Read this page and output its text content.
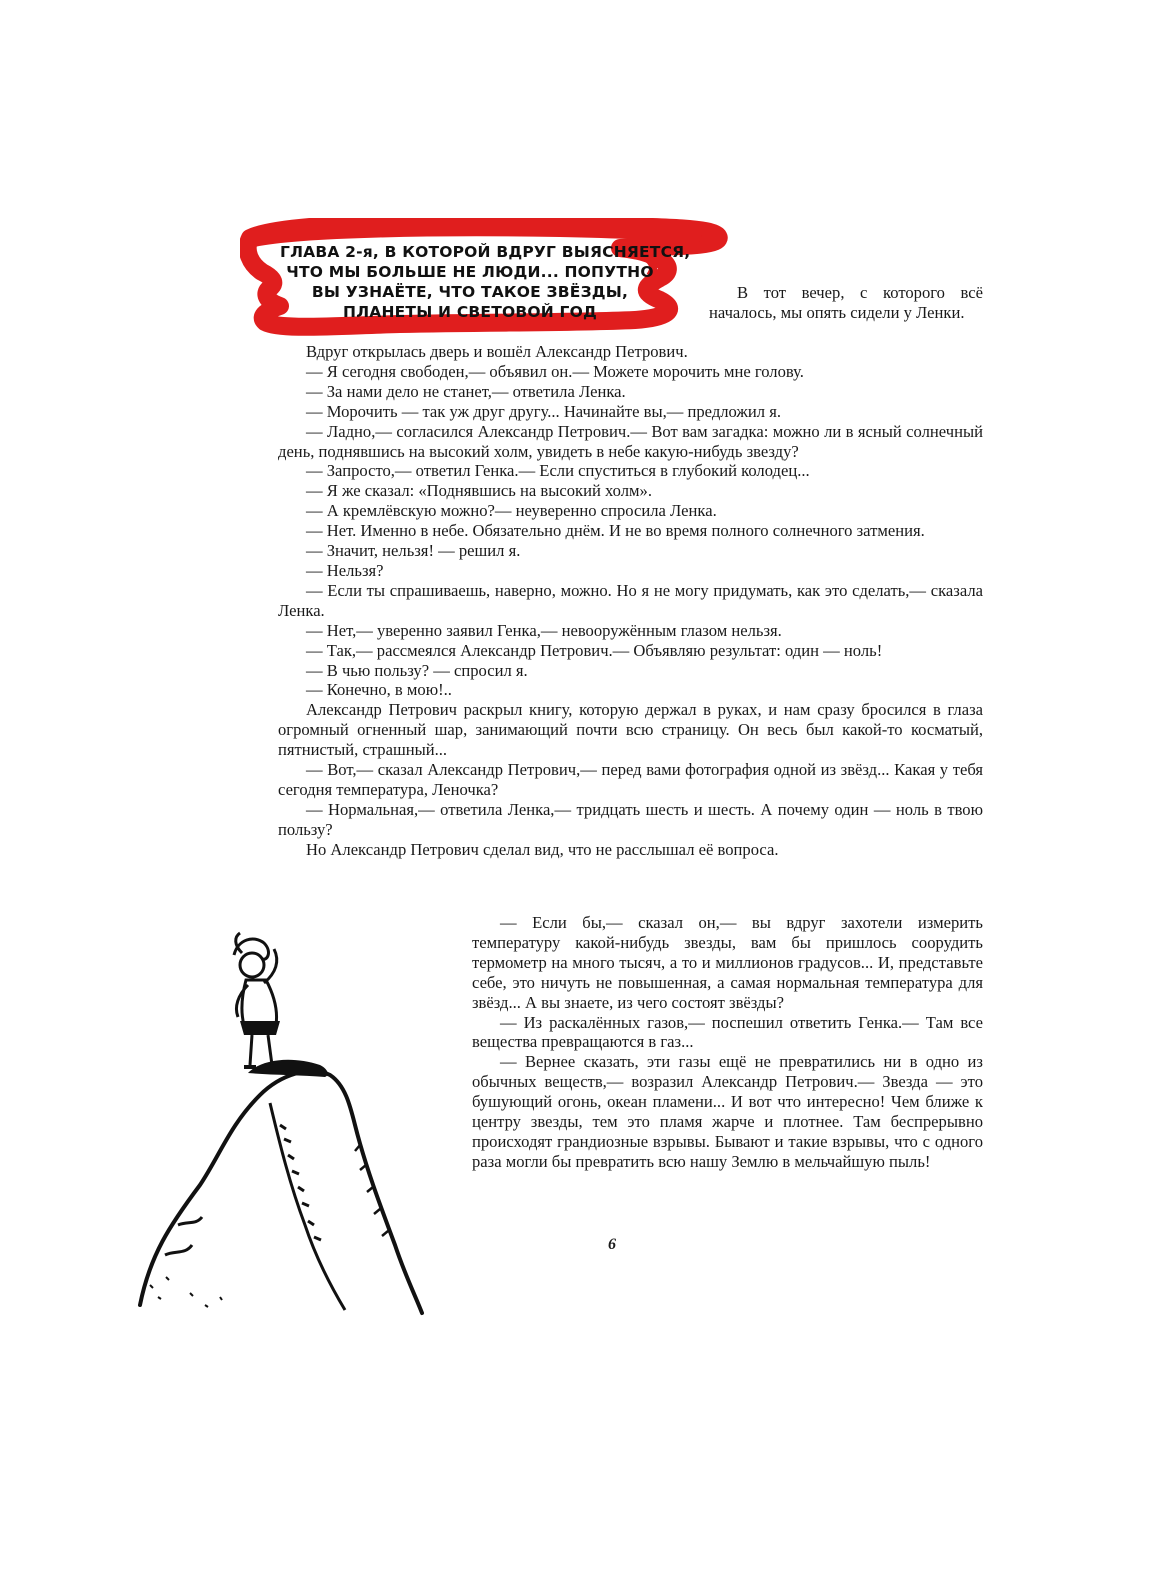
ГЛАВА 2-я, В КОТОРОЙ ВДРУГ ВЫЯСНЯЕТСЯ,
ЧТО МЫ БОЛЬШЕ НЕ ЛЮДИ... ПОПУТНО
ВЫ УЗНАЁТЕ, ЧТО ТАКОЕ ЗВЁЗДЫ,
ПЛАНЕТЫ И СВЕТОВОЙ ГОД

В тот вечер, с которого всё началось, мы опять сидели у Ленки.

Вдруг открылась дверь и вошёл Александр Петрович.

— Я сегодня свободен,— объявил он.— Можете морочить мне голову.

— За нами дело не станет,— ответила Ленка.

— Морочить — так уж друг другу... Начинайте вы,— предложил я.

— Ладно,— согласился Александр Петрович.— Вот вам загадка: можно ли в ясный солнечный день, поднявшись на высокий холм, увидеть в небе какую-нибудь звезду?

— Запросто,— ответил Генка.— Если спуститься в глубокий колодец...

— Я же сказал: «Поднявшись на высокий холм».

— А кремлёвскую можно?— неуверенно спросила Ленка.

— Нет. Именно в небе. Обязательно днём. И не во время полного солнечного затмения.

— Значит, нельзя! — решил я.

— Нельзя?

— Если ты спрашиваешь, наверно, можно. Но я не могу придумать, как это сделать,— сказала Ленка.

— Нет,— уверенно заявил Генка,— невооружённым глазом нельзя.

— Так,— рассмеялся Александр Петрович.— Объявляю результат: один — ноль!

— В чью пользу? — спросил я.

— Конечно, в мою!..

Александр Петрович раскрыл книгу, которую держал в руках, и нам сразу бросился в глаза огромный огненный шар, занимающий почти всю страницу. Он весь был какой-то косматый, пятнистый, страшный...

— Вот,— сказал Александр Петрович,— перед вами фотография одной из звёзд... Какая у тебя сегодня температура, Леночка?

— Нормальная,— ответила Ленка,— тридцать шесть и шесть. А почему один — ноль в твою пользу?

Но Александр Петрович сделал вид, что не расслышал её вопроса.

— Если бы,— сказал он,— вы вдруг захотели измерить температуру какой-нибудь звезды, вам бы пришлось соорудить термометр на много тысяч, а то и миллионов градусов... И, представьте себе, это ничуть не повышенная, а самая нормальная температура для звёзд... А вы знаете, из чего состоят звёзды?

— Из раскалённых газов,— поспешил ответить Генка.— Там все вещества превращаются в газ...

— Вернее сказать, эти газы ещё не превратились ни в одно из обычных веществ,— возразил Александр Петрович.— Звезда — это бушующий огонь, океан пламени... И вот что интересно! Чем ближе к центру звезды, тем это пламя жарче и плотнее. Там беспрерывно происходят грандиозные взрывы. Бывают и такие взрывы, что с одного раза могли бы превратить всю нашу Землю в мельчайшую пыль!

6
